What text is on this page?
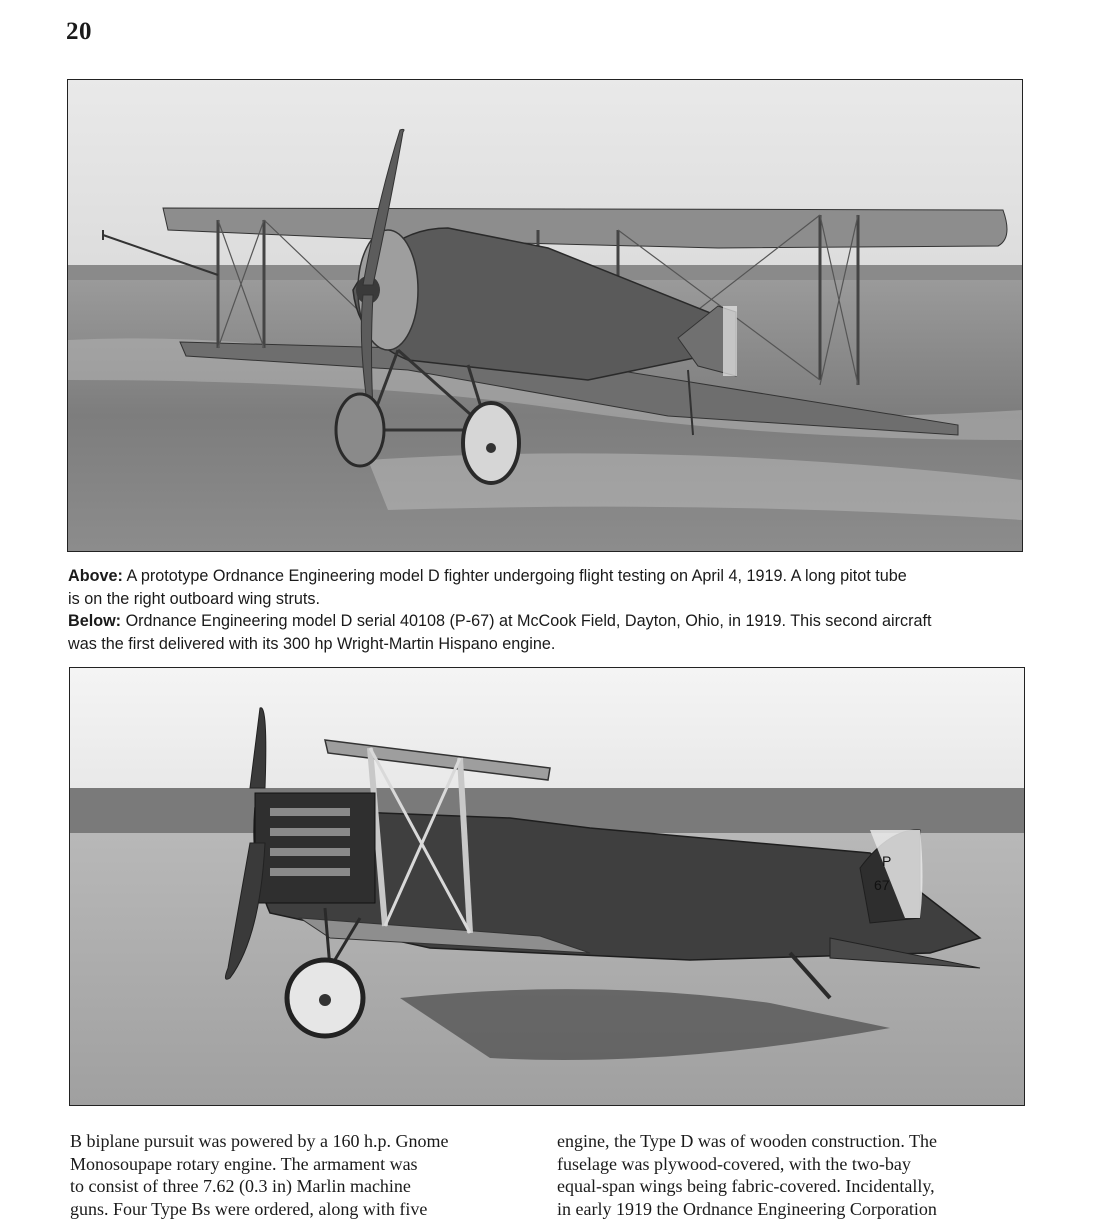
20
Above: A prototype Ordnance Engineering model D fighter undergoing flight testing on April 4, 1919. A long pitot tube
is on the right outboard wing struts.
Below: Ordnance Engineering model D serial 40108 (P-67) at McCook Field, Dayton, Ohio, in 1919. This second aircraft
was the first delivered with its 300 hp Wright-Martin Hispano engine.
P
67
B biplane pursuit was powered by a 160 h.p. Gnome
Monosoupape rotary engine. The armament was
to consist of three 7.62 (0.3 in) Marlin machine
guns. Four Type Bs were ordered, along with five
engine, the Type D was of wooden construction. The
fuselage was plywood-covered, with the two-bay
equal-span wings being fabric-covered. Incidentally,
in early 1919 the Ordnance Engineering Corporation
